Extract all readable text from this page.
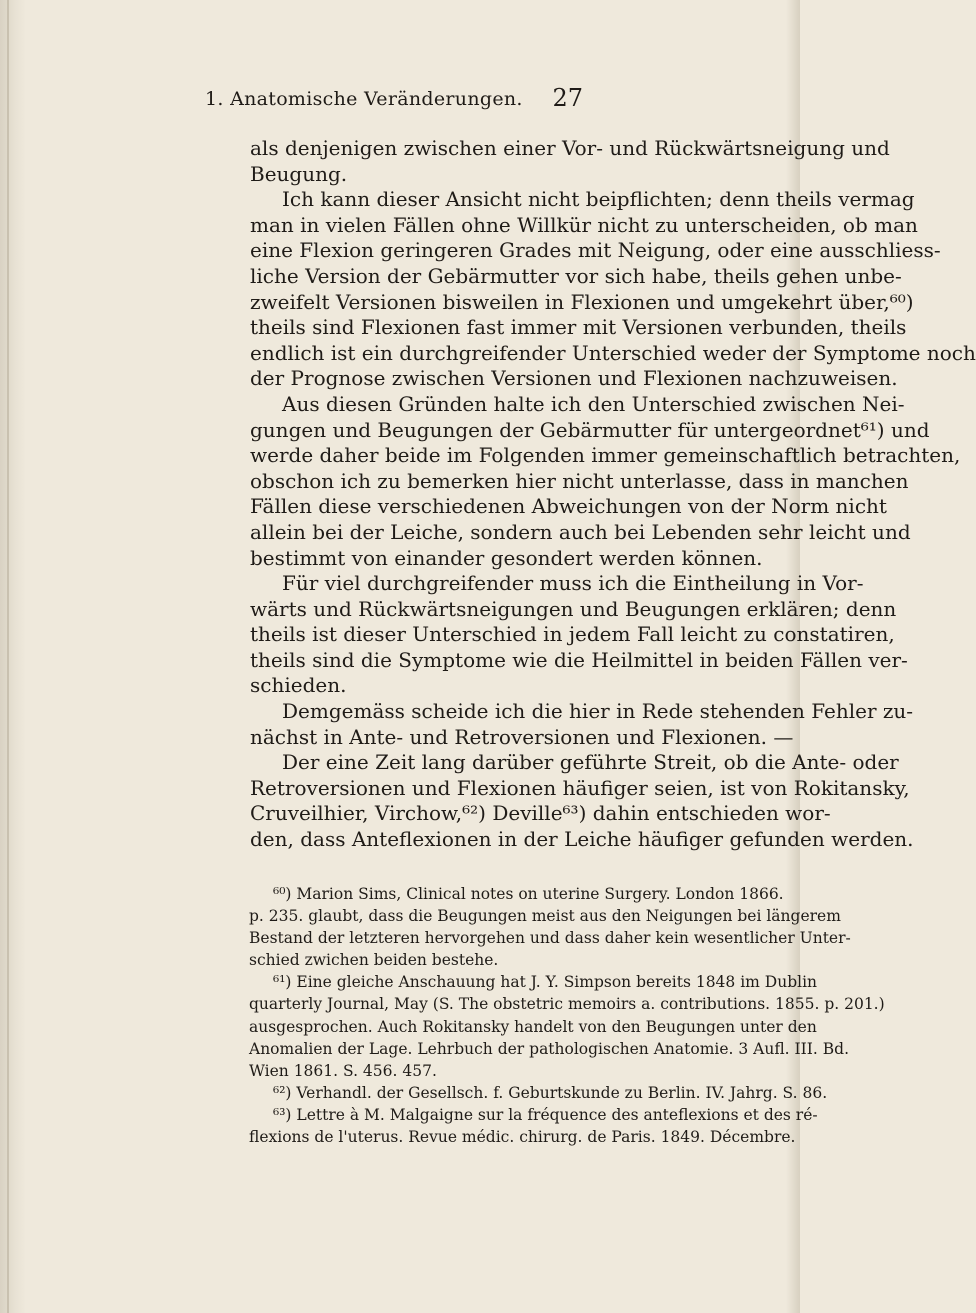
1. Anatomische Veränderungen. 27
als denjenigen zwischen einer Vor- und Rückwärtsneigung und
Beugung.
Ich kann dieser Ansicht nicht beipflichten; denn theils vermag
man in vielen Fällen ohne Willkür nicht zu unterscheiden, ob man
eine Flexion geringeren Grades mit Neigung, oder eine ausschliess-
liche Version der Gebärmutter vor sich habe, theils gehen unbe-
zweifelt Versionen bisweilen in Flexionen und umgekehrt über,⁶⁰)
theils sind Flexionen fast immer mit Versionen verbunden, theils
endlich ist ein durchgreifender Unterschied weder der Symptome noch
der Prognose zwischen Versionen und Flexionen nachzuweisen.
Aus diesen Gründen halte ich den Unterschied zwischen Nei-
gungen und Beugungen der Gebärmutter für untergeordnet⁶¹) und
werde daher beide im Folgenden immer gemeinschaftlich betrachten,
obschon ich zu bemerken hier nicht unterlasse, dass in manchen
Fällen diese verschiedenen Abweichungen von der Norm nicht
allein bei der Leiche, sondern auch bei Lebenden sehr leicht und
bestimmt von einander gesondert werden können.
Für viel durchgreifender muss ich die Eintheilung in Vor-
wärts und Rückwärtsneigungen und Beugungen erklären; denn
theils ist dieser Unterschied in jedem Fall leicht zu constatiren,
theils sind die Symptome wie die Heilmittel in beiden Fällen ver-
schieden.
Demgemäss scheide ich die hier in Rede stehenden Fehler zu-
nächst in Ante- und Retroversionen und Flexionen. —
Der eine Zeit lang darüber geführte Streit, ob die Ante- oder
Retroversionen und Flexionen häufiger seien, ist von Rokitansky,
Cruveilhier, Virchow,⁶²) Deville⁶³) dahin entschieden wor-
den, dass Anteflexionen in der Leiche häufiger gefunden werden.
⁶⁰) Marion Sims, Clinical notes on uterine Surgery. London 1866.
p. 235. glaubt, dass die Beugungen meist aus den Neigungen bei längerem
Bestand der letzteren hervorgehen und dass daher kein wesentlicher Unter-
schied zwichen beiden bestehe.
⁶¹) Eine gleiche Anschauung hat J. Y. Simpson bereits 1848 im Dublin
quarterly Journal, May (S. The obstetric memoirs a. contributions. 1855. p. 201.)
ausgesprochen. Auch Rokitansky handelt von den Beugungen unter den
Anomalien der Lage. Lehrbuch der pathologischen Anatomie. 3 Aufl. III. Bd.
Wien 1861. S. 456. 457.
⁶²) Verhandl. der Gesellsch. f. Geburtskunde zu Berlin. IV. Jahrg. S. 86.
⁶³) Lettre à M. Malgaigne sur la fréquence des anteflexions et des ré-
flexions de l'uterus. Revue médic. chirurg. de Paris. 1849. Décembre.
